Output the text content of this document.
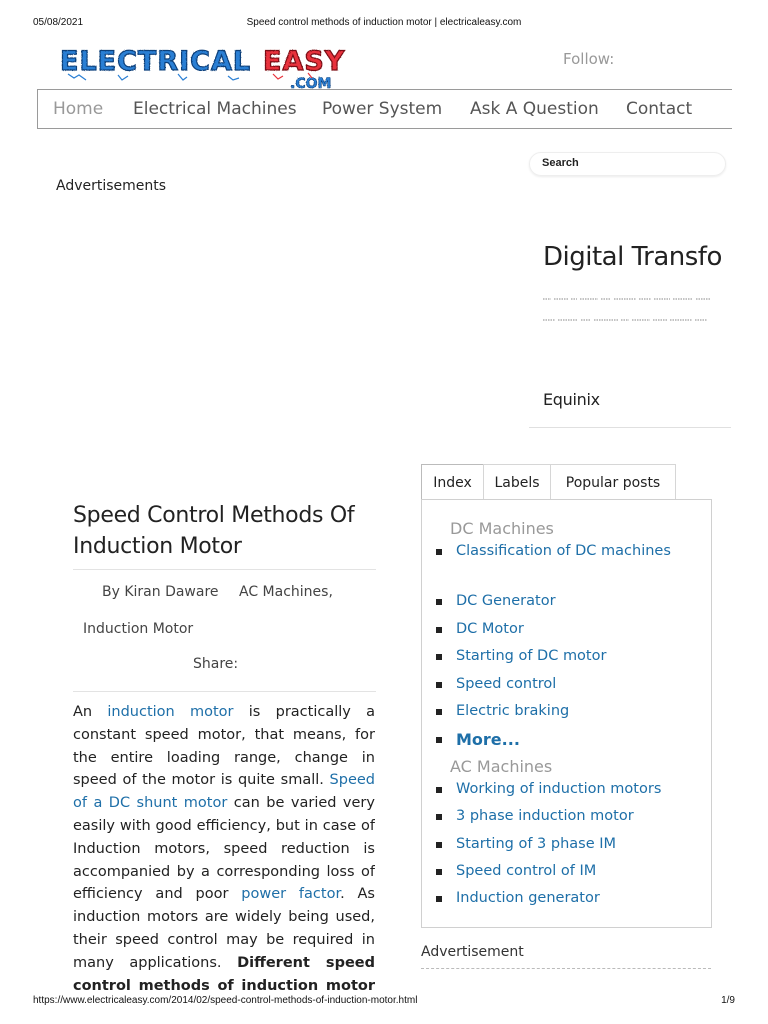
05/08/2021	Speed control methods of induction motor | electricaleasy.com
ELECTRICAL EASY
.COM
Follow:
Home Electrical Machines Power System Ask A Question Contact
Advertisements
Search
Digital Transfo
Equinix
Speed Control Methods Of Induction Motor
By Kiran Daware AC Machines,
Induction Motor
Share:
An induction motor is practically a constant speed motor, that means, for the entire loading range, change in speed of the motor is quite small. Speed of a DC shunt motor can be varied very easily with good efficiency, but in case of Induction motors, speed reduction is accompanied by a corresponding loss of efficiency and poor power factor. As induction motors are widely being used, their speed control may be required in many applications. Different speed control methods of induction motor
Index	Labels	Popular posts
DC Machines
Classification of DC machines
DC Generator
DC Motor
Starting of DC motor
Speed control
Electric braking
More...
AC Machines
Working of induction motors
3 phase induction motor
Starting of 3 phase IM
Speed control of IM
Induction generator
Advertisement
https://www.electricaleasy.com/2014/02/speed-control-methods-of-induction-motor.html	1/9
